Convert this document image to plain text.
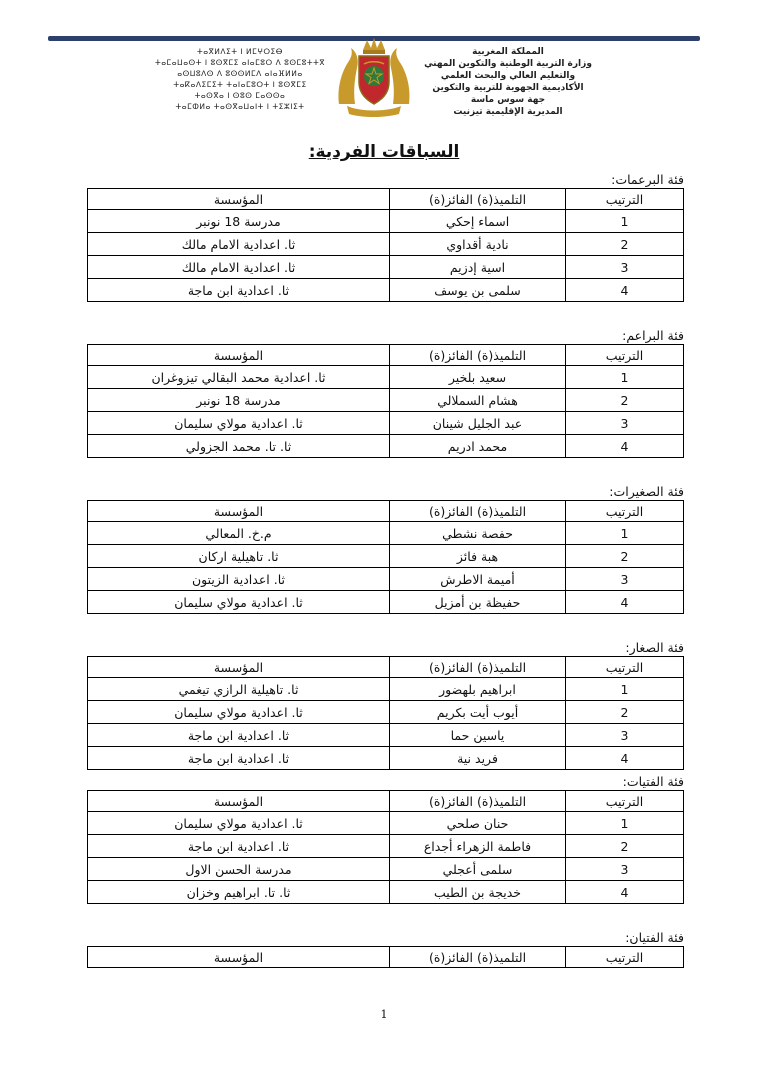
المملكة المغربية
وزارة التربية الوطنية والتكوين المهني
والتعليم العالي والبحث العلمي
الأكاديمية الجهوية للتربية والتكوين
جهة سوس ماسة
المديرية الإقليمية تيزنيت
ⵜⴰⴳⵍⴷⵉⵜ ⵏ ⵍⵎⵖⵔⵉⴱ
ⵜⴰⵎⴰⵡⴰⵙⵜ ⵏ ⵓⵙⴳⵎⵉ ⴰⵏⴰⵎⵓⵔ ⴷ ⵓⵙⵎⵓⵜⵜⴳ
ⴰⵙⵡⵓⴷⵙ ⴷ ⵓⵙⵙⵍⵎⴷ ⴰⵏⴰⴼⵍⵍⴰ
ⵜⴰⴽⴰⴷⵉⵎⵉⵜ ⵜⴰⵏⴰⵎⵓⵔⵜ ⵏ ⵓⵙⴳⵎⵉ
ⵜⴰⵙⴳⴰ ⵏ ⵙⵓⵙ ⵎⴰⵙⵙⴰ
ⵜⴰⵎⵀⵍⴰ ⵜⴰⵙⴳⴰⵡⴰⵏⵜ ⵏ ⵜⵉⵣⵏⵉⵜ
السباقات الفردية:
فئة البرعمات:
الترتيب	التلميذ(ة) الفائز(ة)	المؤسسة
1	اسماء إحكي	مدرسة 18 نونبر
2	نادية أقداوي	ثا. اعدادية الامام مالك
3	اسية إدزيم	ثا. اعدادية الامام مالك
4	سلمى بن يوسف	ثا. اعدادية ابن ماجة
فئة البراعم:
الترتيب	التلميذ(ة) الفائز(ة)	المؤسسة
1	سعيد بلخير	ثا. اعدادية محمد البقالي تيزوغران
2	هشام السملالي	مدرسة 18 نونبر
3	عبد الجليل شينان	ثا. اعدادية مولاي سليمان
4	محمد ادريم	ثا. تا. محمد الجزولي
فئة الصغيرات:
الترتيب	التلميذ(ة) الفائز(ة)	المؤسسة
1	حفصة نشطي	م.خ. المعالي
2	هبة فائز	ثا. تاهيلية اركان
3	أميمة الاطرش	ثا. اعدادية الزيتون
4	حفيظة بن أمزيل	ثا. اعدادية مولاي سليمان
فئة الصغار:
الترتيب	التلميذ(ة) الفائز(ة)	المؤسسة
1	ابراهيم بلهضور	ثا. تاهيلية الرازي تيغمي
2	أيوب أيت بكريم	ثا. اعدادية مولاي سليمان
3	ياسين حما	ثا. اعدادية ابن ماجة
4	فريد نية	ثا. اعدادية ابن ماجة
فئة الفتيات:
الترتيب	التلميذ(ة) الفائز(ة)	المؤسسة
1	حنان صلحي	ثا. اعدادية مولاي سليمان
2	فاطمة الزهراء أجداع	ثا. اعدادية ابن ماجة
3	سلمى أعجلي	مدرسة الحسن الاول
4	خديجة بن الطيب	ثا. تا. ابراهيم وخزان
فئة الفتيان:
الترتيب	التلميذ(ة) الفائز(ة)	المؤسسة
1
